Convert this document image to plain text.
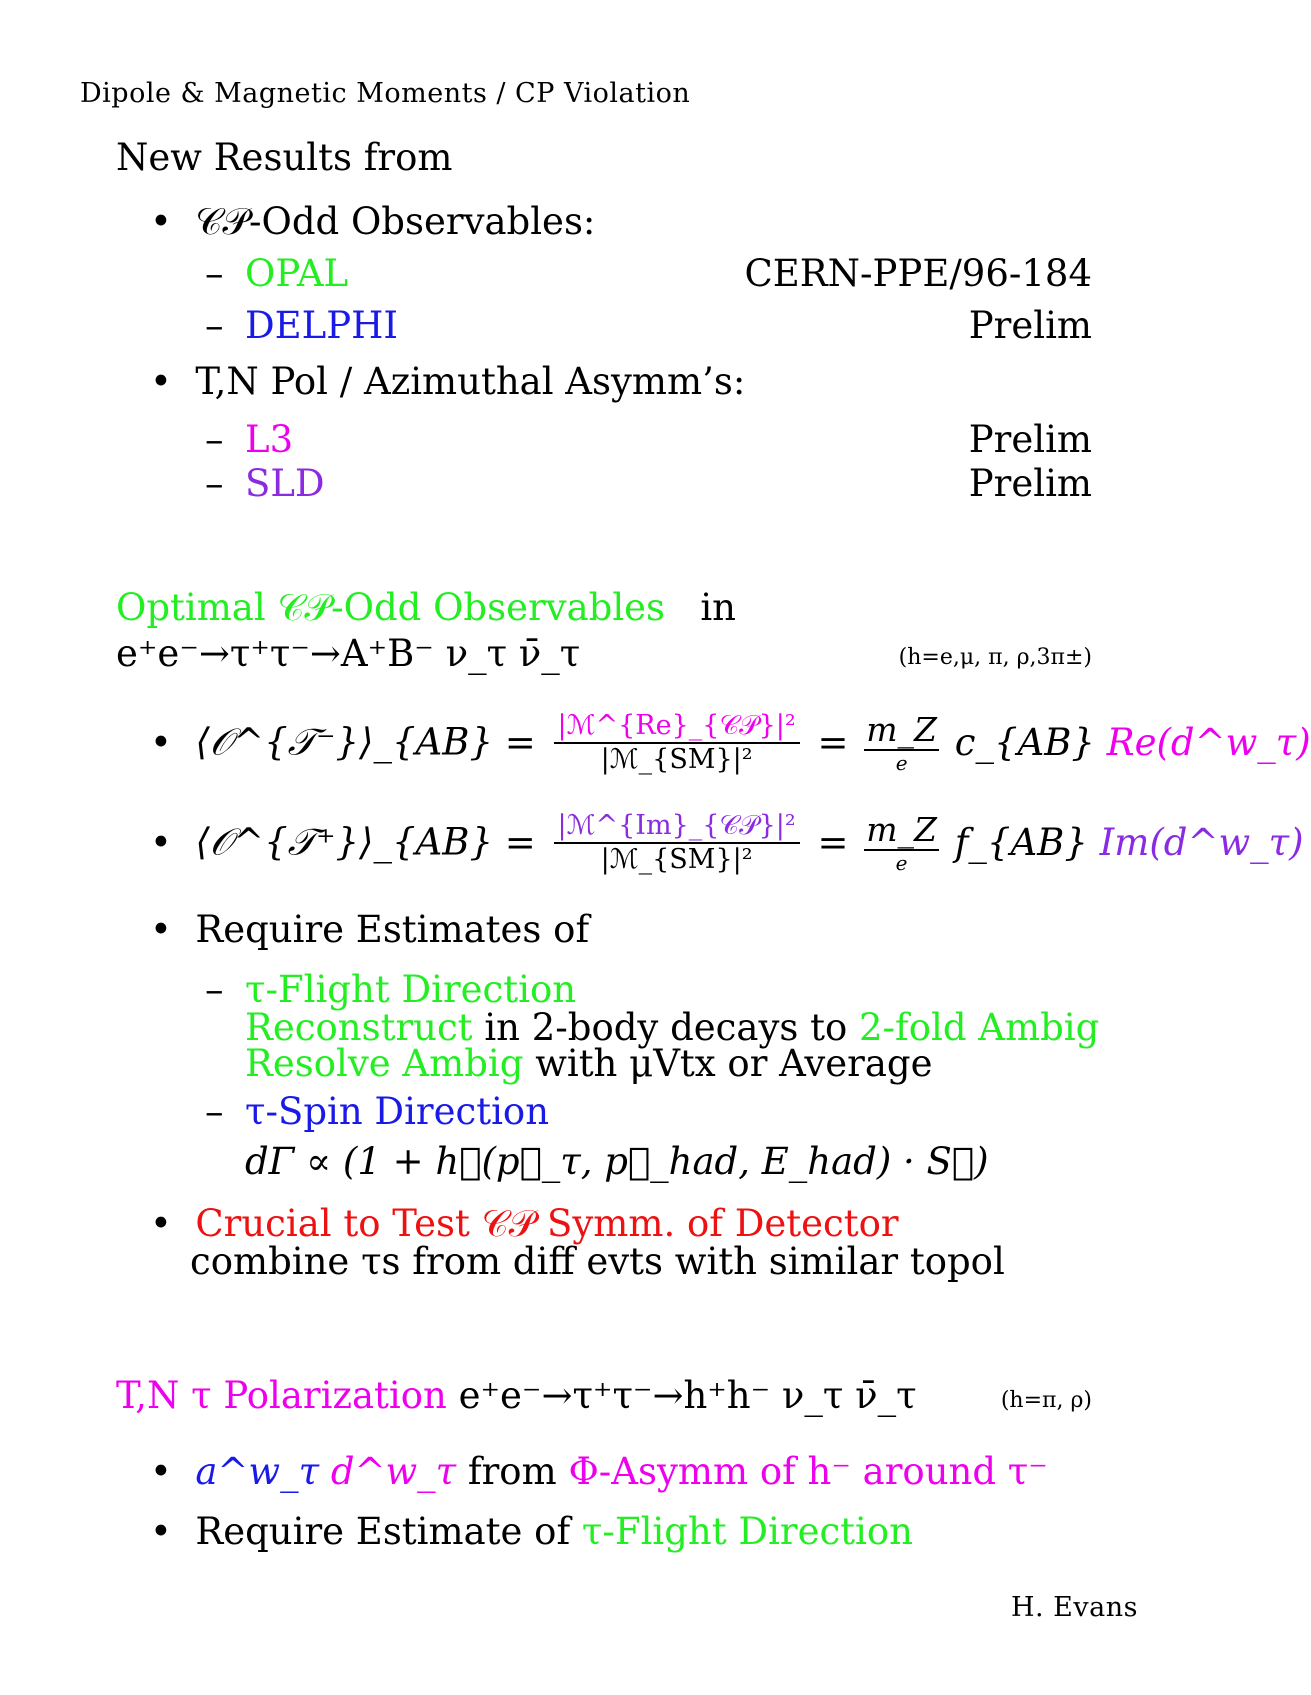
Dipole & Magnetic Moments / CP Violation
New Results from
• 𝒞𝒫-Odd Observables:
– OPAL	CERN-PPE/96-184
– DELPHI	Prelim
• T,N Pol / Azimuthal Asymm’s:
– L3	Prelim
– SLD	Prelim
Optimal 𝒞𝒫-Odd Observables in
e⁺e⁻→τ⁺τ⁻→A⁺B⁻ ν_τ ν̄_τ	(h=e,μ, π, ρ,3π±)
• ⟨𝒪^{𝒯⁻}⟩_{AB} = $\frac{\text{|ℳ\textasciicircum{}\{Re\}\_\{𝒞𝒫\}|²}}{\text{|ℳ\_\{SM\}|²}} = \frac{m\_Z}{e}$ c_{AB} Re(d^w_τ)
• ⟨𝒪^{𝒯⁺}⟩_{AB} = $\frac{\text{|ℳ\textasciicircum{}\{Im\}\_\{𝒞𝒫\}|²}}{\text{|ℳ\_\{SM\}|²}} = \frac{m\_Z}{e}$ f_{AB} Im(d^w_τ)
• Require Estimates of
– τ-Flight Direction
Reconstruct in 2-body decays to 2-fold Ambig
Resolve Ambig with μVtx or Average
– τ-Spin Direction
dΓ ∝ (1 + h⃗(p⃗_τ, p⃗_had, E_had) · S⃗)
• Crucial to Test 𝒞𝒫 Symm. of Detector
combine τs from diff evts with similar topol
T,N τ Polarization e⁺e⁻→τ⁺τ⁻→h⁺h⁻ ν_τ ν̄_τ	(h=π, ρ)
• a^w_τ d^w_τ from Φ-Asymm of h⁻ around τ⁻
• Require Estimate of τ-Flight Direction
H. Evans
